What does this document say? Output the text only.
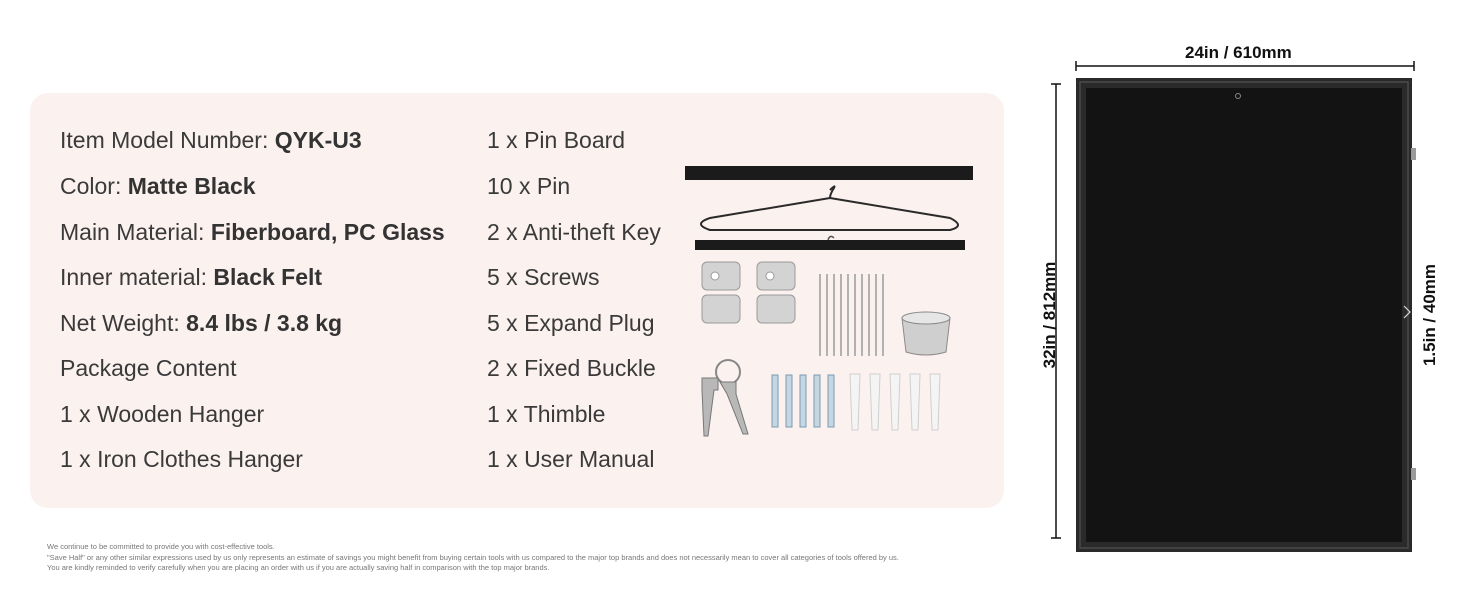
Item Model Number: QYK-U3
Color: Matte Black
Main Material: Fiberboard, PC Glass
Inner material: Black Felt
Net Weight: 8.4 lbs / 3.8 kg
Package Content
1 x Wooden Hanger
1 x Iron Clothes Hanger
1 x Pin Board
10 x Pin
2 x Anti-theft Key
5 x Screws
5 x Expand Plug
2 x Fixed Buckle
1 x Thimble
1 x User Manual
We continue to be committed to provide you with cost-effective tools.
"Save Half" or any other similar expressions used by us only represents an estimate of savings you might benefit from buying certain tools with us compared to the major top brands and does not necessarily mean to cover all categories of tools offered by us.
You are kindly reminded to verify carefully when you are placing an order with us if you are actually saving half in comparison with the top major brands.
24in / 610mm
32in / 812mm	1.5in / 40mm
